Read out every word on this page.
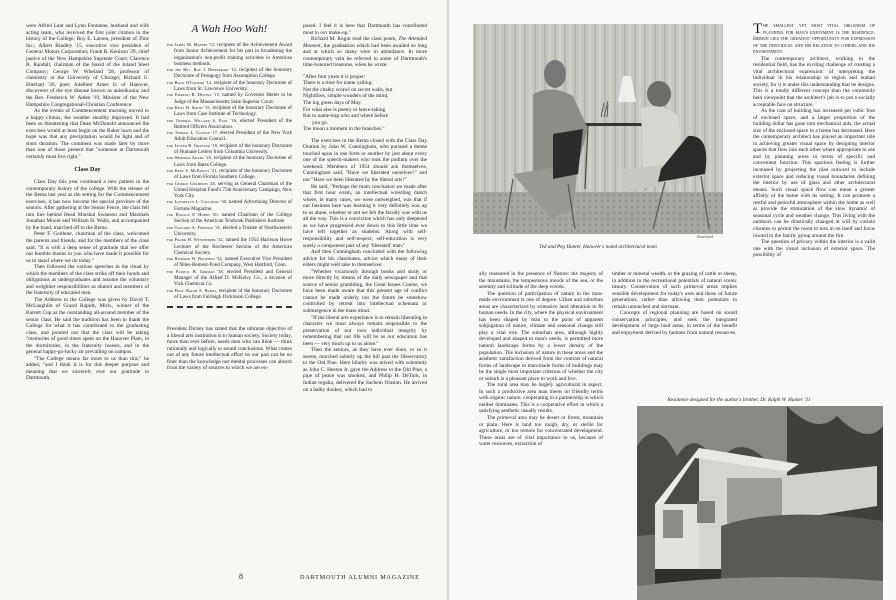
were Alfred Lunt and Lynn Fontanne, husband and wife acting team, who received the first joint citation in the history of the College; Roy E. Larsen, president of Time Inc.; Albert Bradley '15, executive vice president of General Motors Corporation; Frank R. Kenison '29, chief justice of the New Hampshire Supreme Court; Clarence B. Randall, chairman of the board of the Inland Steel Company; George W. Wheland '28, professor of chemistry at the University of Chicago; Richard G. Eberhart '26, poet; Adelbert Ames Jr. of Hanover, discoverer of the eye disease known as aniseikonia; and the Rev. Frederick W. Alden '19, Minister of the New Hampshire Congregational-Christian Conference.

As the events of Commencement morning moved to a happy climax, the weather steadily improved. It had been so threatening that Dean McDonald announced the exercises would at least begin on the Baker lawn and the hope was that any precipitation would be light and of short duration. The comment was made later by more than one of those present that "someone at Dartmouth certainly must live right."

Class Day

Class Day this year continued a new pattern in the contemporary history of the college. With the release of the Bema last year as the setting for the Commencement exercises, it has now become the special province of the seniors. After gathering at the Senior Fence, the class fell into line behind Head Marshal Swanson and Marshals Jonathan Moore and William H. Walls, and accompanied by the band, marched off to the Bema.

Peter F. Geithner, chairman of the class, welcomed the parents and friends, and for the members of the class said, "It is with a deep sense of gratitude that we offer our humble thanks to you who have made it possible for us to stand where we do today."

Then followed the various speeches in the ritual by which the members of the class strike off their bonds and obligations as undergraduates and assume the voluntary and weightier responsibilities as alumni and members of the fraternity of educated men.

The Address to the College was given by David T. McLaughlin of Grand Rapids, Mich., winner of the Barrett Cup as the outstanding all-around member of the senior class. He said the tradition has been to thank the College for what it has contributed to the graduating class, and pointed out that the class will be taking "memories of good times spent on the Hanover Plain, in the dormitories, in the fraternity houses, and in the general happy-go-lucky air prevailing on campus.

"The College means far more to us than this," he added, "and I think it is for this deeper purpose and meaning that we sincerely owe our gratitude to Dartmouth.

A Wah Hoo Wah!

for James M. Mathes '11, recipient of the Achievement Award from Junior Achievement for his part in broadening the organization's non-profit training activities in American business methods.

for the Rev. Roy J. Defferrari '12, recipient of the honorary Doctorate of Pedagogy from Assumption College.

for Basil O'Connor '12, recipient of the honorary Doctorate of Laws from St. Lawrence University.

for Edmund R. Dewing '15, named by Governor Herter to be Judge of the Massachusetts State Superior Court.

for Kent H. Smith '15, recipient of the honorary Doctorate of Laws from Case Institute of Technology.

for General Willard S. Paul '16, elected President of the Retired Officers Association.

for Thomas L. Cotton '17, elected President of the New York Adult Education Council.

for Lester B. Granger '18, recipient of the honorary Doctorate of Humane Letters from Columbia University.

for Sherman Adams '20, recipient of the honorary Doctorate of Laws from Bates College.

for Kent S. McKinley '21, recipient of the honorary Doctorate of Laws from Florida Southern College.

for George Champion '26, serving as General Chairman of the United Hospital Fund's 75th Anniversary Campaign, New York City.

for Llewellyn L. Callaway '30, named Advertising Director of Fortune Magazine.

for Ranald P. Hobbs '30, named Chairman of the College Section of the American Textbook Publishers Institute.

for Gaylord A. Freeman '31, elected a Trustee of Northwestern University.

for Frank H. Westheimer '32, named the 1954 Harrison Howe Lecturer of the Rochester Section of the American Chemical Society.

for Richard W. Banfield '34, named Executive Vice President of Niles-Bement-Pond Company, West Hartford, Conn.

for Patrick H. Gorman '38, elected President and General Manager of the Alfred D. McKelvy Co., a division of Vick Chemical Co.

for Prof. Ralph A. Burns, recipient of the honorary Doctorate of Laws from Fairleigh Dickinson College.

President Dickey has stated that the ultimate objective of a liberal arts institution is to human society. Society today, more than ever before, needs men who can think — think rationally and logically to sound conclusions. What comes out of any future intellectual effort on our part can be no finer than the knowledge our mental processes can absorb from the variety of sources to which we are ex-

posed. I feel it is here that Dartmouth has contributed most to our make-up."

Richard M. Rogin read the class poem, The Attended Moment, the graduation which had been awaited so long and at which so many were in attendance. In more contemporary vein he referred to some of Dartmouth's time-honored treasures, when he wrote:

"After four years it is proper:

There is a time for name calling;

Not the chalky scrawl on secret walls, but

Nightfires, simple wonders of the mind,

The big green days of May.

For what else is poetry or leave-taking

But to name-trap who and where before

you go.

The moon a moment in the branches."

The exercises in the Bema closed with the Class Day Oration by John W. Cunningham, who pursued a theme touched upon in one form or another by just about every one of the speech-makers who took the podium over the weekend. Members of 1954 should ask themselves, Cunningham said, "Have we liberated ourselves?" and not "Have we been liberated by the liberal arts?"

He said, "Perhaps the main conclusion we made after that first hour exam, an intellectual wrestling match where, in many cases, we were outweighed, was that if our business here was learning it very definitely was up to us alone, whether or not we felt the faculty was with us all the way. This is a conviction which has only deepened as we have progressed ever down to this little time we have left together as students. Along with self-responsibility and self-respect, self-education is very surely a component part of any 'liberated' man."

And then Cunningham concluded with the following advice for his classmates, advice which many of their elders might well take to themselves:

"Whether vicariously through books and study or more directly by means of the daily newspaper and that source of senior grumbling, the Great Issues Course, we have been made aware that this present age of conflict cannot be made orderly nor the future be somehow controlled by retreat into intellectual schemata or submergence in the mass mind.

"If the liberal arts experience is to remain liberating in character we must always remain responsible to the preservation of our own individual integrity by remembering that our life will be as our education has been — very much up to us alone."

Then the seniors, as they have ever done, or so it seems, marched soberly up the hill past the Observatory to the Old Pine. Here hilarity was mixed with solemnity as John C. Heston Jr. gave the Address to the Old Pine, a pipe of peace was smoked, and Philip H. DeTurk, in Indian regalia, delivered the Sachem Oration. He arrived on a balky donkey, which had to

8	DARTMOUTH ALUMNI MAGAZINE
Bouchard
Ted and Peg Hunter, Hanover's noted architectural team

ally reassured in the presence of Nature: the majesty of the mountains, the tempestuous moods of the sea, or the serenity and solitude of the deep woods.

The question of participation of nature in the man-made environment is one of degree. Urban and suburban areas are characterized by extensive land alteration to fit human needs. In the city, where the physical environment has been shaped by man to the point of apparent subjugation of nature, climate and seasonal change still play a vital role. The suburban area, although highly developed and shaped to man's needs, is permitted more natural landscape forms by a lower density of the population. The inclusion of nature in these areas and the aesthetic satisfaction derived from the contrast of natural forms of landscape to man-made forms of buildings may be the single most important criterion of whether the city or suburb is a pleasant place to work and live.

The rural area may be largely agricultural in aspect. In such a productive area man meets on friendly terms with organic nature, cooperating in a partnership in which neither dominates. This is a cooperative effort in which a satisfying aesthetic usually results.

The primeval area may be desert or forest, mountain or plain. Here is land too rough, dry, or sterile for agriculture, or too remote for concentrated development. These areas are of vital importance to us, because of water resources, extraction of

timber or mineral wealth, or the grazing of cattle or sheep, in addition to the recreational potentials of natural scenic beauty. Conservation of such primeval areas implies sensible development for today's uses and those of future generations, rather than allowing their potentials to remain untouched and dormant.

Concepts of regional planning are based on sound conservation principles, and seek the integrated development of large land areas, in terms of the benefit and enjoyment derived by humans from natural resources.

Residence designed for the author's brother, Dr. Ralph W. Hunter '31

The smallest yet most vital organism of planning for man's enjoyment is the residence. Herein lies the greatest opportunity for expression of the individual and his relation to others and his environment.

The contemporary architect, working in the residential field, has the exciting challenge of creating a vital architectural expression: of interpreting the individual in his relationship to region and human society, for it is under this understanding that he designs. This is a totally different concept than the commonly held viewpoint that the architect's job is to put a socially acceptable face on structure.

As the cost of building has increased per cubic foot of enclosed space, and a larger proportion of the building dollar has gone into mechanical aids, the actual size of the enclosed space in a home has decreased. Here the contemporary architect has played an important role in achieving greater visual space by designing interior spaces that flow into each other where appropriate to use and by planning areas in terms of specific and convenient function. This spacious feeling is further increased by projecting the plan outward to include exterior space and reducing visual boundaries defining the interior by use of glass and other architectural means. Such visual space flow can mean a greater affinity of the home with its setting. It can promote a restful and peaceful atmosphere within the home as well as provide the stimulation of the slow dynamic of seasonal cycle and weather change. This living with the outdoors can be drastically changed at will by curtain closures to permit the room to turn in on itself and focus inward to the family group around the fire.

The question of privacy within the interior is a valid one with the visual inclusion of exterior space. The possibility of
